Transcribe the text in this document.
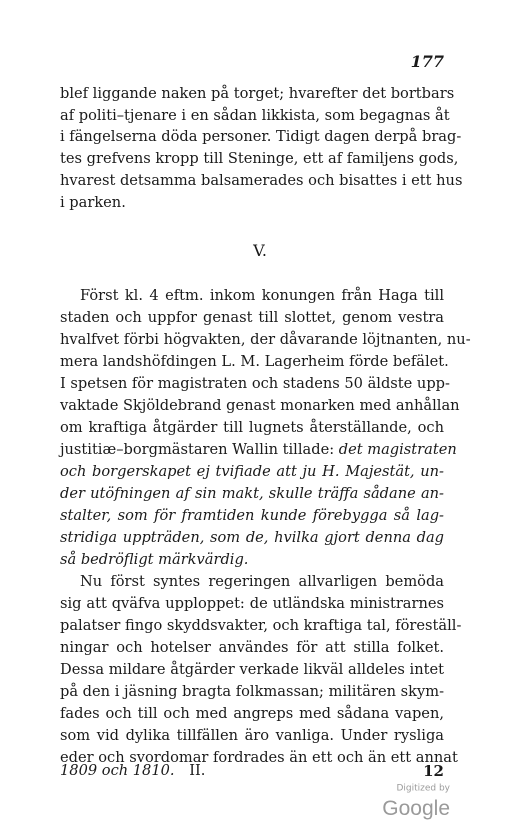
177
blef liggande naken på torget; hvarefter det bortbars
af politi–tjenare i en sådan likkista, som begagnas åt
i fängelserna döda personer. Tidigt dagen derpå brag-
tes grefvens kropp till Steninge, ett af familjens gods,
hvarest detsamma balsamerades och bisattes i ett hus
i parken.
V.
Först kl. 4 eftm. inkom konungen från Haga till
staden och uppfor genast till slottet, genom vestra
hvalfvet förbi högvakten, der dåvarande löjtnanten, nu-
mera landshöfdingen L. M. Lagerheim förde befälet.
I spetsen för magistraten och stadens 50 äldste upp-
vaktade Skjöldebrand genast monarken med anhållan
om kraftiga åtgärder till lugnets återställande, och
justitiæ–borgmästaren Wallin tillade: det magistraten
och borgerskapet ej tvifiade att ju H. Majestät, un-
der utöfningen af sin makt, skulle träffa sådane an-
stalter, som för framtiden kunde förebygga så lag-
stridiga uppträden, som de, hvilka gjort denna dag
så bedröfligt märkvärdig.
Nu först syntes regeringen allvarligen bemöda
sig att qväfva upploppet: de utländska ministrarnes
palatser fingo skyddsvakter, och kraftiga tal, föreställ-
ningar och hotelser användes för att stilla folket.
Dessa mildare åtgärder verkade likväl alldeles intet
på den i jäsning bragta folkmassan; militären skym-
fades och till och med angreps med sådana vapen,
som vid dylika tillfällen äro vanliga. Under rysliga
eder och svordomar fordrades än ett och än ett annat
1809 och 1810. II.	12
Digitized by Google
